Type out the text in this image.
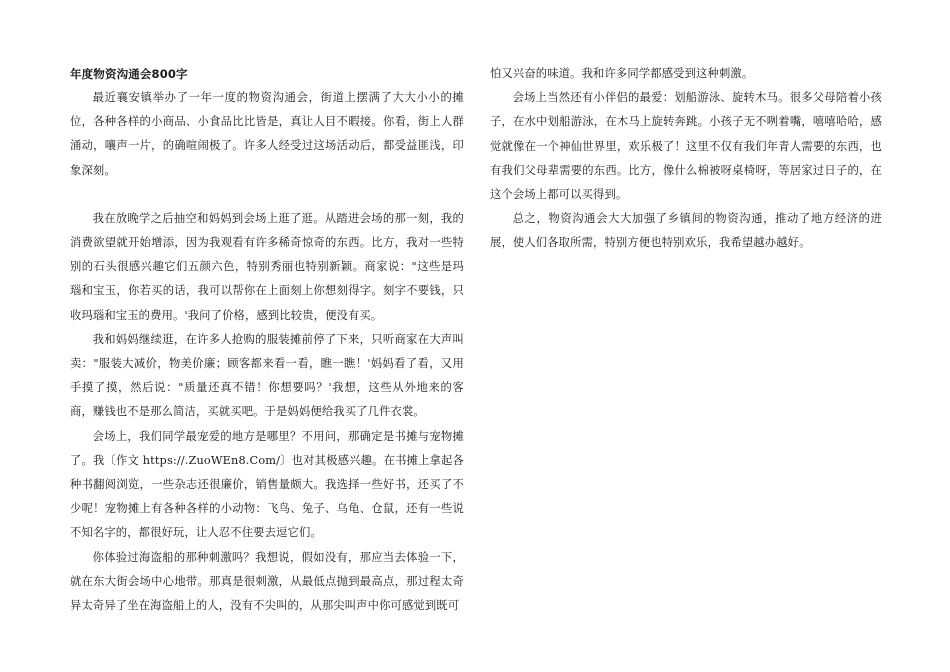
年度物资沟通会800字

最近襄安镇举办了一年一度的物资沟通会，街道上摆满了大大小小的摊位，各种各样的小商品、小食品比比皆是，真让人目不暇接。你看，街上人群涌动，嚷声一片，的确喧闹极了。许多人经受过这场活动后，都受益匪浅，印象深刻。

我在放晚学之后抽空和妈妈到会场上逛了逛。从踏进会场的那一刻，我的消费欲望就开始增添，因为我观看有许多稀奇惊奇的东西。比方，我对一些特别的石头很感兴趣它们五颜六色，特别秀丽也特别新颖。商家说："这些是玛瑙和宝玉，你若买的话，我可以帮你在上面刻上你想刻得字。刻字不要钱，只收玛瑙和宝玉的费用。'我问了价格，感到比较贵，便没有买。

我和妈妈继续逛，在许多人抢购的服装摊前停了下来，只听商家在大声叫卖："服装大减价，物美价廉；顾客都来看一看，瞧一瞧！'妈妈看了看，又用手摸了摸，然后说："质量还真不错！你想要吗？'我想，这些从外地来的客商，赚钱也不是那么简洁，买就买吧。于是妈妈便给我买了几件衣裳。

会场上，我们同学最宠爱的地方是哪里？不用问，那确定是书摊与宠物摊了。我〔作文 https://.ZuoWEn8.Com/〕也对其极感兴趣。在书摊上拿起各种书翻阅浏览，一些杂志还很廉价，销售量颇大。我选择一些好书，还买了不少呢！宠物摊上有各种各样的小动物：飞鸟、兔子、乌龟、仓鼠，还有一些说不知名字的，都很好玩，让人忍不住要去逗它们。

你体验过海盗船的那种刺激吗？我想说，假如没有，那应当去体验一下，就在东大街会场中心地带。那真是很刺激，从最低点抛到最高点，那过程太奇异太奇异了坐在海盗船上的人，没有不尖叫的，从那尖叫声中你可感觉到既可

怕又兴奋的味道。我和许多同学都感受到这种刺激。

会场上当然还有小伴侣的最爱：划船游泳、旋转木马。很多父母陪着小孩子，在水中划船游泳，在木马上旋转奔跳。小孩子无不咧着嘴，嘻嘻哈哈，感觉就像在一个神仙世界里，欢乐极了！这里不仅有我们年青人需要的东西，也有我们父母辈需要的东西。比方，像什么棉被呀桌椅呀，等居家过日子的，在这个会场上都可以买得到。

总之，物资沟通会大大加强了乡镇间的物资沟通，推动了地方经济的进展，使人们各取所需，特别方便也特别欢乐，我希望越办越好。
